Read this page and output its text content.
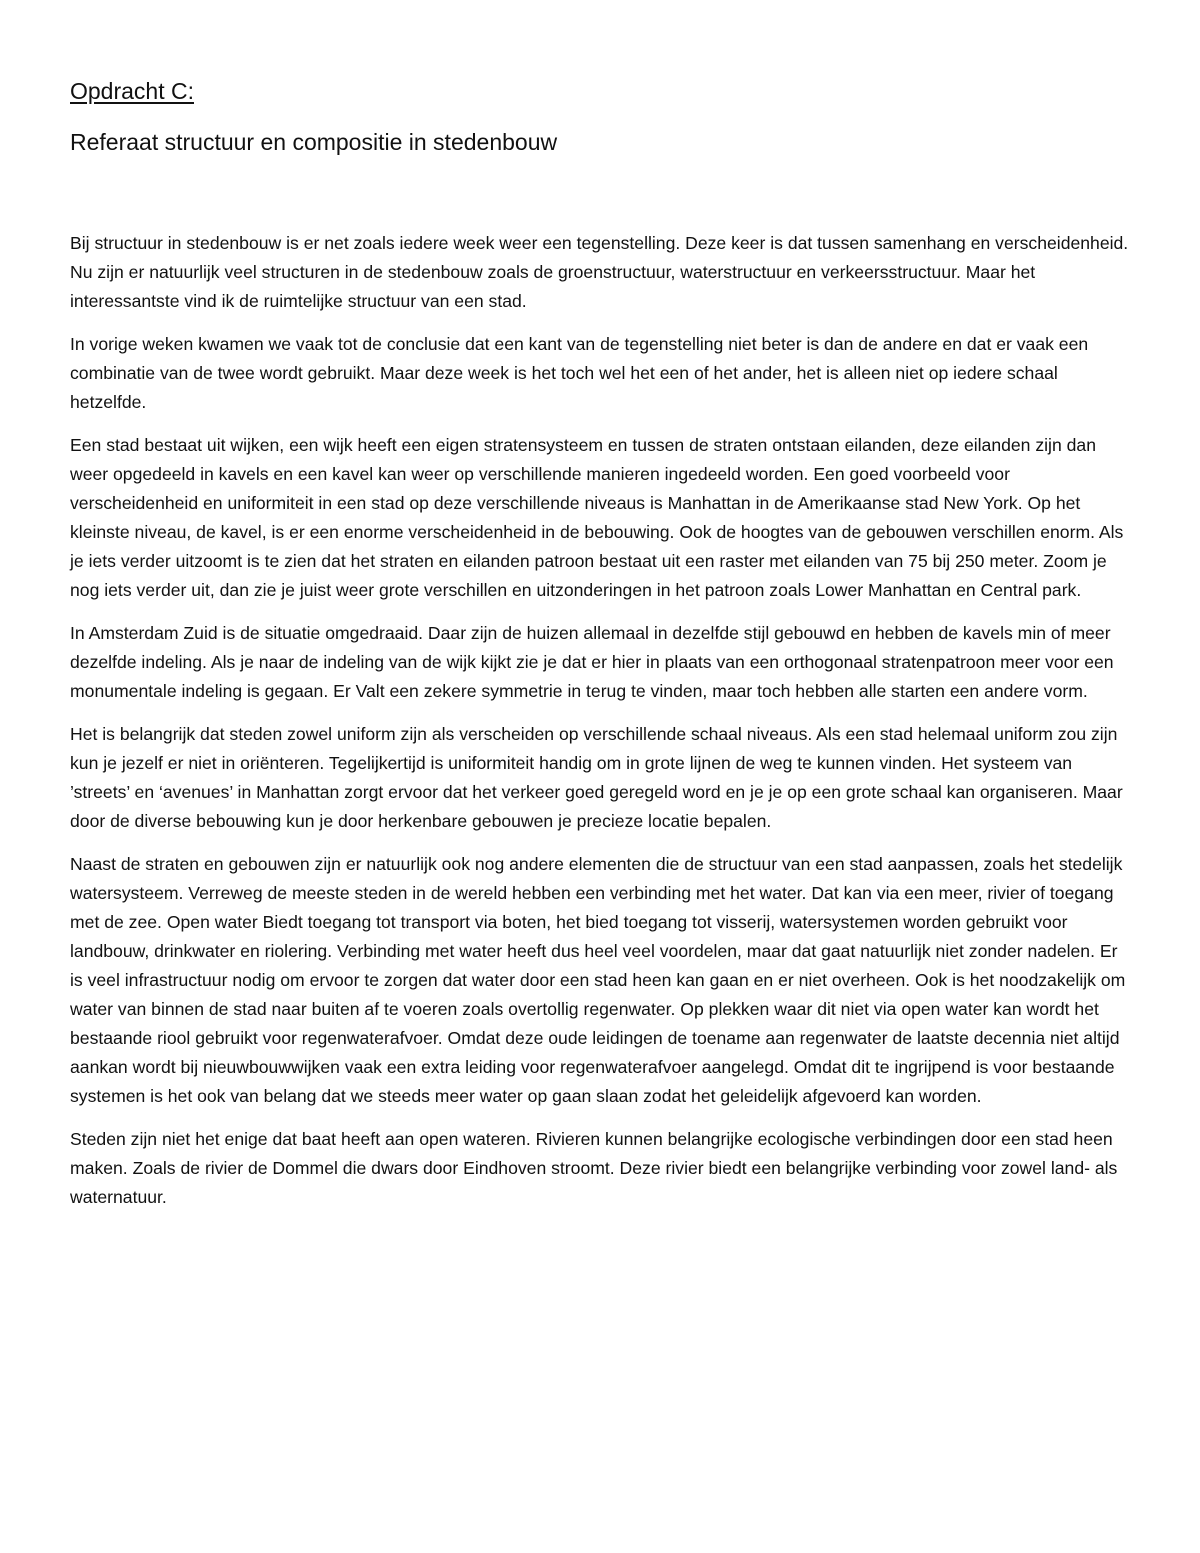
Opdracht C:
Referaat structuur en compositie in stedenbouw

Bij structuur in stedenbouw is er net zoals iedere week weer een tegenstelling. Deze keer is dat tussen samenhang en verscheidenheid. Nu zijn er natuurlijk veel structuren in de stedenbouw zoals de groenstructuur, waterstructuur en verkeersstructuur. Maar het interessantste vind ik de ruimtelijke structuur van een stad.

In vorige weken kwamen we vaak tot de conclusie dat een kant van de tegenstelling niet beter is dan de andere en dat er vaak een combinatie van de twee wordt gebruikt. Maar deze week is het toch wel het een of het ander, het is alleen niet op iedere schaal hetzelfde.

Een stad bestaat uit wijken, een wijk heeft een eigen stratensysteem en tussen de straten ontstaan eilanden, deze eilanden zijn dan weer opgedeeld in kavels en een kavel kan weer op verschillende manieren ingedeeld worden. Een goed voorbeeld voor verscheidenheid en uniformiteit in een stad op deze verschillende niveaus is Manhattan in de Amerikaanse stad New York. Op het kleinste niveau, de kavel, is er een enorme verscheidenheid in de bebouwing. Ook de hoogtes van de gebouwen verschillen enorm. Als je iets verder uitzoomt is te zien dat het straten en eilanden patroon bestaat uit een raster met eilanden van 75 bij 250 meter. Zoom je nog iets verder uit, dan zie je juist weer grote verschillen en uitzonderingen in het patroon zoals Lower Manhattan en Central park.

In Amsterdam Zuid is de situatie omgedraaid. Daar zijn de huizen allemaal in dezelfde stijl gebouwd en hebben de kavels min of meer dezelfde indeling. Als je naar de indeling van de wijk kijkt zie je dat er hier in plaats van een orthogonaal stratenpatroon meer voor een monumentale indeling is gegaan. Er Valt een zekere symmetrie in terug te vinden, maar toch hebben alle starten een andere vorm.

Het is belangrijk dat steden zowel uniform zijn als verscheiden op verschillende schaal niveaus. Als een stad helemaal uniform zou zijn kun je jezelf er niet in oriënteren. Tegelijkertijd is uniformiteit handig om in grote lijnen de weg te kunnen vinden. Het systeem van ’streets’ en ‘avenues’ in Manhattan zorgt ervoor dat het verkeer goed geregeld word en je je op een grote schaal kan organiseren. Maar door de diverse bebouwing kun je door herkenbare gebouwen je precieze locatie bepalen.

Naast de straten en gebouwen zijn er natuurlijk ook nog andere elementen die de structuur van een stad aanpassen, zoals het stedelijk watersysteem. Verreweg de meeste steden in de wereld hebben een verbinding met het water. Dat kan via een meer, rivier of toegang met de zee. Open water Biedt toegang tot transport via boten, het bied toegang tot visserij, watersystemen worden gebruikt voor landbouw, drinkwater en riolering. Verbinding met water heeft dus heel veel voordelen, maar dat gaat natuurlijk niet zonder nadelen. Er is veel infrastructuur nodig om ervoor te zorgen dat water door een stad heen kan gaan en er niet overheen. Ook is het noodzakelijk om water van binnen de stad naar buiten af te voeren zoals overtollig regenwater. Op plekken waar dit niet via open water kan wordt het bestaande riool gebruikt voor regenwaterafvoer. Omdat deze oude leidingen de toename aan regenwater de laatste decennia niet altijd aankan wordt bij nieuwbouwwijken vaak een extra leiding voor regenwaterafvoer aangelegd. Omdat dit te ingrijpend is voor bestaande systemen is het ook van belang dat we steeds meer water op gaan slaan zodat het geleidelijk afgevoerd kan worden.

Steden zijn niet het enige dat baat heeft aan open wateren. Rivieren kunnen belangrijke ecologische verbindingen door een stad heen maken. Zoals de rivier de Dommel die dwars door Eindhoven stroomt. Deze rivier biedt een belangrijke verbinding voor zowel land- als waternatuur.
